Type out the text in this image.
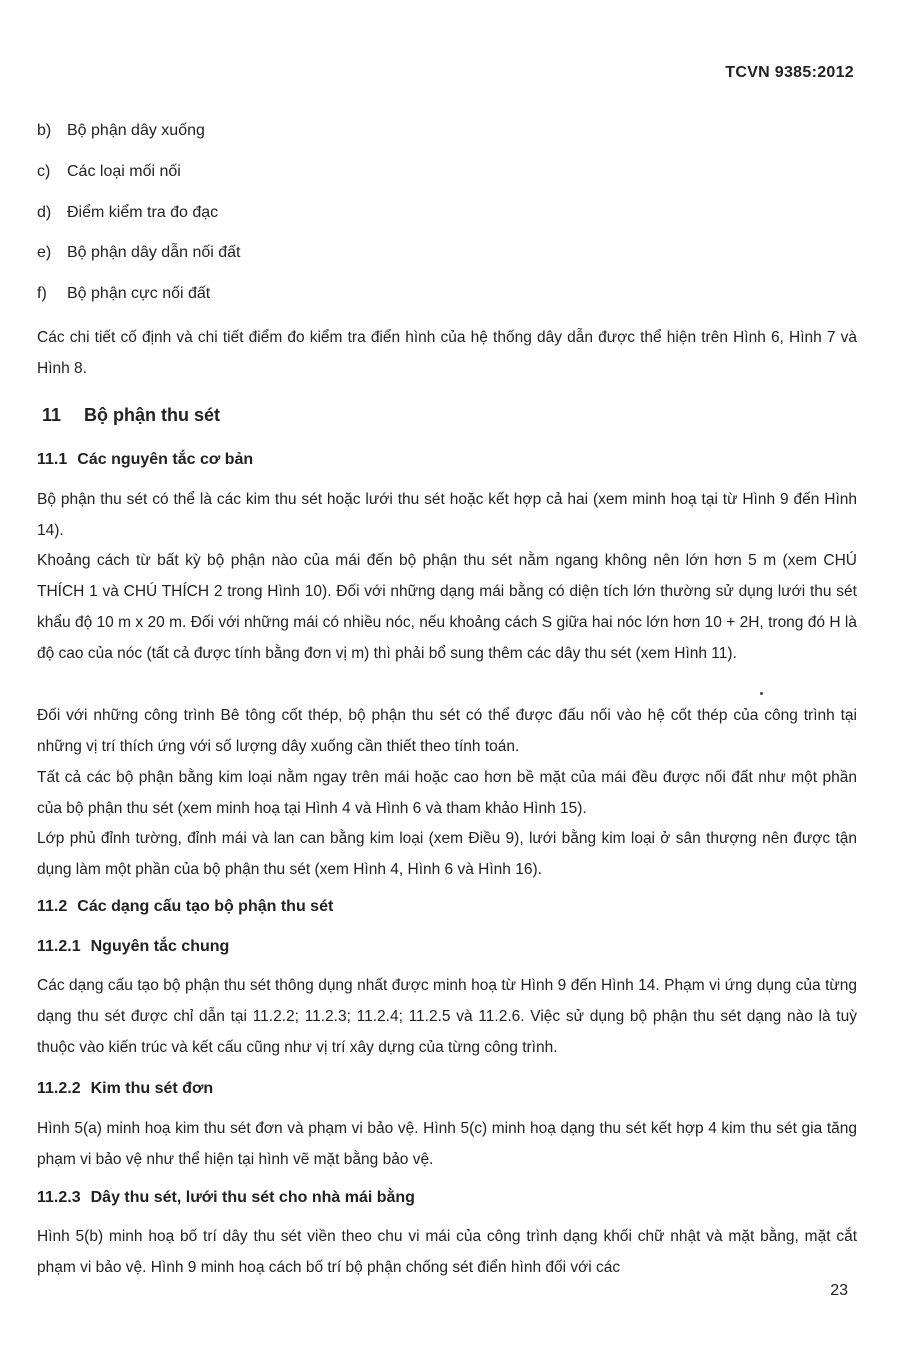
TCVN 9385:2012
b) Bộ phận dây xuống
c)	Các loại mối nối
d) Điểm kiểm tra đo đạc
e) Bộ phận dây dẫn nối đất
f)	Bộ phận cực nối đất
Các chi tiết cố định và chi tiết điểm đo kiểm tra điển hình của hệ thống dây dẫn được thể hiện trên Hình 6, Hình 7 và Hình 8.
11 Bộ phận thu sét
11.1 Các nguyên tắc cơ bản
Bộ phận thu sét có thể là các kim thu sét hoặc lưới thu sét hoặc kết hợp cả hai (xem minh hoạ tại từ Hình 9 đến Hình 14).
Khoảng cách từ bất kỳ bộ phận nào của mái đến bộ phận thu sét nằm ngang không nên lớn hơn 5 m (xem CHÚ THÍCH 1 và CHÚ THÍCH 2 trong Hình 10). Đối với những dạng mái bằng có diện tích lớn thường sử dụng lưới thu sét khẩu độ 10 m x 20 m. Đối với những mái có nhiều nóc, nếu khoảng cách S giữa hai nóc lớn hơn 10 + 2H, trong đó H là độ cao của nóc (tất cả được tính bằng đơn vị m) thì phải bổ sung thêm các dây thu sét (xem Hình 11).
Đối với những công trình Bê tông cốt thép, bộ phận thu sét có thể được đấu nối vào hệ cốt thép của công trình tại những vị trí thích ứng với số lượng dây xuống cần thiết theo tính toán.
Tất cả các bộ phận bằng kim loại nằm ngay trên mái hoặc cao hơn bề mặt của mái đều được nối đất như một phần của bộ phận thu sét (xem minh hoạ tại Hình 4 và Hình 6 và tham khảo Hình 15).
Lớp phủ đỉnh tường, đỉnh mái và lan can bằng kim loại (xem Điều 9), lưới bằng kim loại ở sân thượng nên được tận dụng làm một phần của bộ phận thu sét (xem Hình 4, Hình 6 và Hình 16).
11.2 Các dạng cấu tạo bộ phận thu sét
11.2.1 Nguyên tắc chung
Các dạng cấu tạo bộ phận thu sét thông dụng nhất được minh hoạ từ Hình 9 đến Hình 14. Phạm vi ứng dụng của từng dạng thu sét được chỉ dẫn tại 11.2.2; 11.2.3; 11.2.4; 11.2.5 và 11.2.6. Việc sử dụng bộ phận thu sét dạng nào là tuỳ thuộc vào kiến trúc và kết cấu cũng như vị trí xây dựng của từng công trình.
11.2.2 Kim thu sét đơn
Hình 5(a) minh hoạ kim thu sét đơn và phạm vi bảo vệ. Hình 5(c) minh hoạ dạng thu sét kết hợp 4 kim thu sét gia tăng phạm vi bảo vệ như thể hiện tại hình vẽ mặt bằng bảo vệ.
11.2.3 Dây thu sét, lưới thu sét cho nhà mái bằng
Hình 5(b) minh hoạ bố trí dây thu sét viền theo chu vi mái của công trình dạng khối chữ nhật và mặt bằng, mặt cắt phạm vi bảo vệ. Hình 9 minh hoạ cách bố trí bộ phận chống sét điển hình đối với các
23
